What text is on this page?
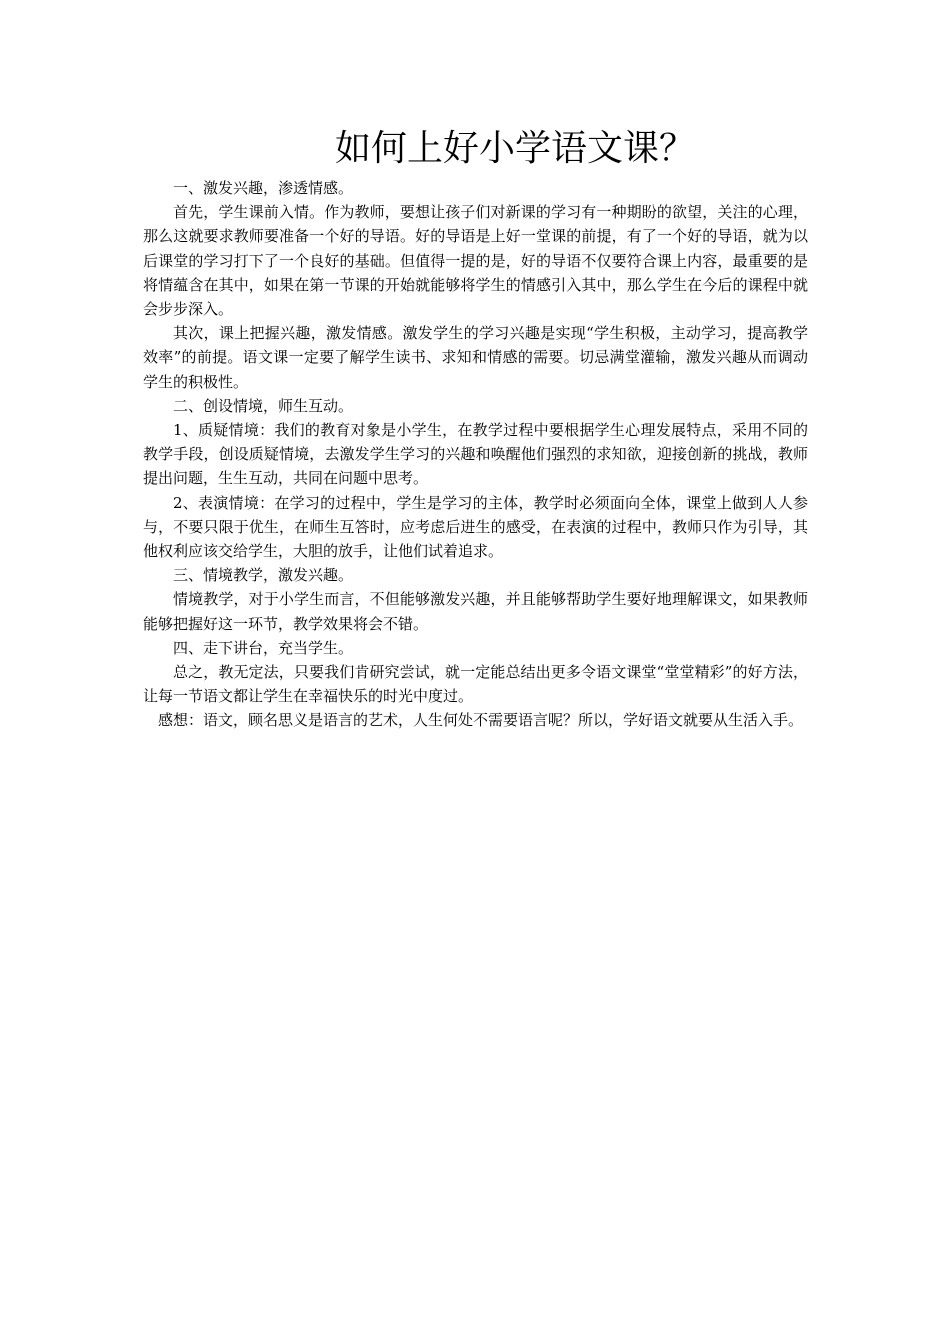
如何上好小学语文课？

一、激发兴趣，渗透情感。

首先，学生课前入情。作为教师，要想让孩子们对新课的学习有一种期盼的欲望，关注的心理，那么这就要求教师要准备一个好的导语。好的导语是上好一堂课的前提，有了一个好的导语，就为以后课堂的学习打下了一个良好的基础。但值得一提的是，好的导语不仅要符合课上内容，最重要的是将情蕴含在其中，如果在第一节课的开始就能够将学生的情感引入其中，那么学生在今后的课程中就会步步深入。

其次，课上把握兴趣，激发情感。激发学生的学习兴趣是实现“学生积极，主动学习，提高教学效率”的前提。语文课一定要了解学生读书、求知和情感的需要。切忌满堂灌输，激发兴趣从而调动学生的积极性。

二、创设情境，师生互动。

1、质疑情境：我们的教育对象是小学生，在教学过程中要根据学生心理发展特点，采用不同的教学手段，创设质疑情境，去激发学生学习的兴趣和唤醒他们强烈的求知欲，迎接创新的挑战，教师提出问题，生生互动，共同在问题中思考。

2、表演情境：在学习的过程中，学生是学习的主体，教学时必须面向全体，课堂上做到人人参与，不要只限于优生，在师生互答时，应考虑后进生的感受，在表演的过程中，教师只作为引导，其他权利应该交给学生，大胆的放手，让他们试着追求。

三、情境教学，激发兴趣。

情境教学，对于小学生而言，不但能够激发兴趣，并且能够帮助学生要好地理解课文，如果教师能够把握好这一环节，教学效果将会不错。

四、走下讲台，充当学生。

总之，教无定法，只要我们肯研究尝试，就一定能总结出更多令语文课堂“堂堂精彩”的好方法，让每一节语文都让学生在幸福快乐的时光中度过。

感想：语文，顾名思义是语言的艺术，人生何处不需要语言呢？所以，学好语文就要从生活入手。
